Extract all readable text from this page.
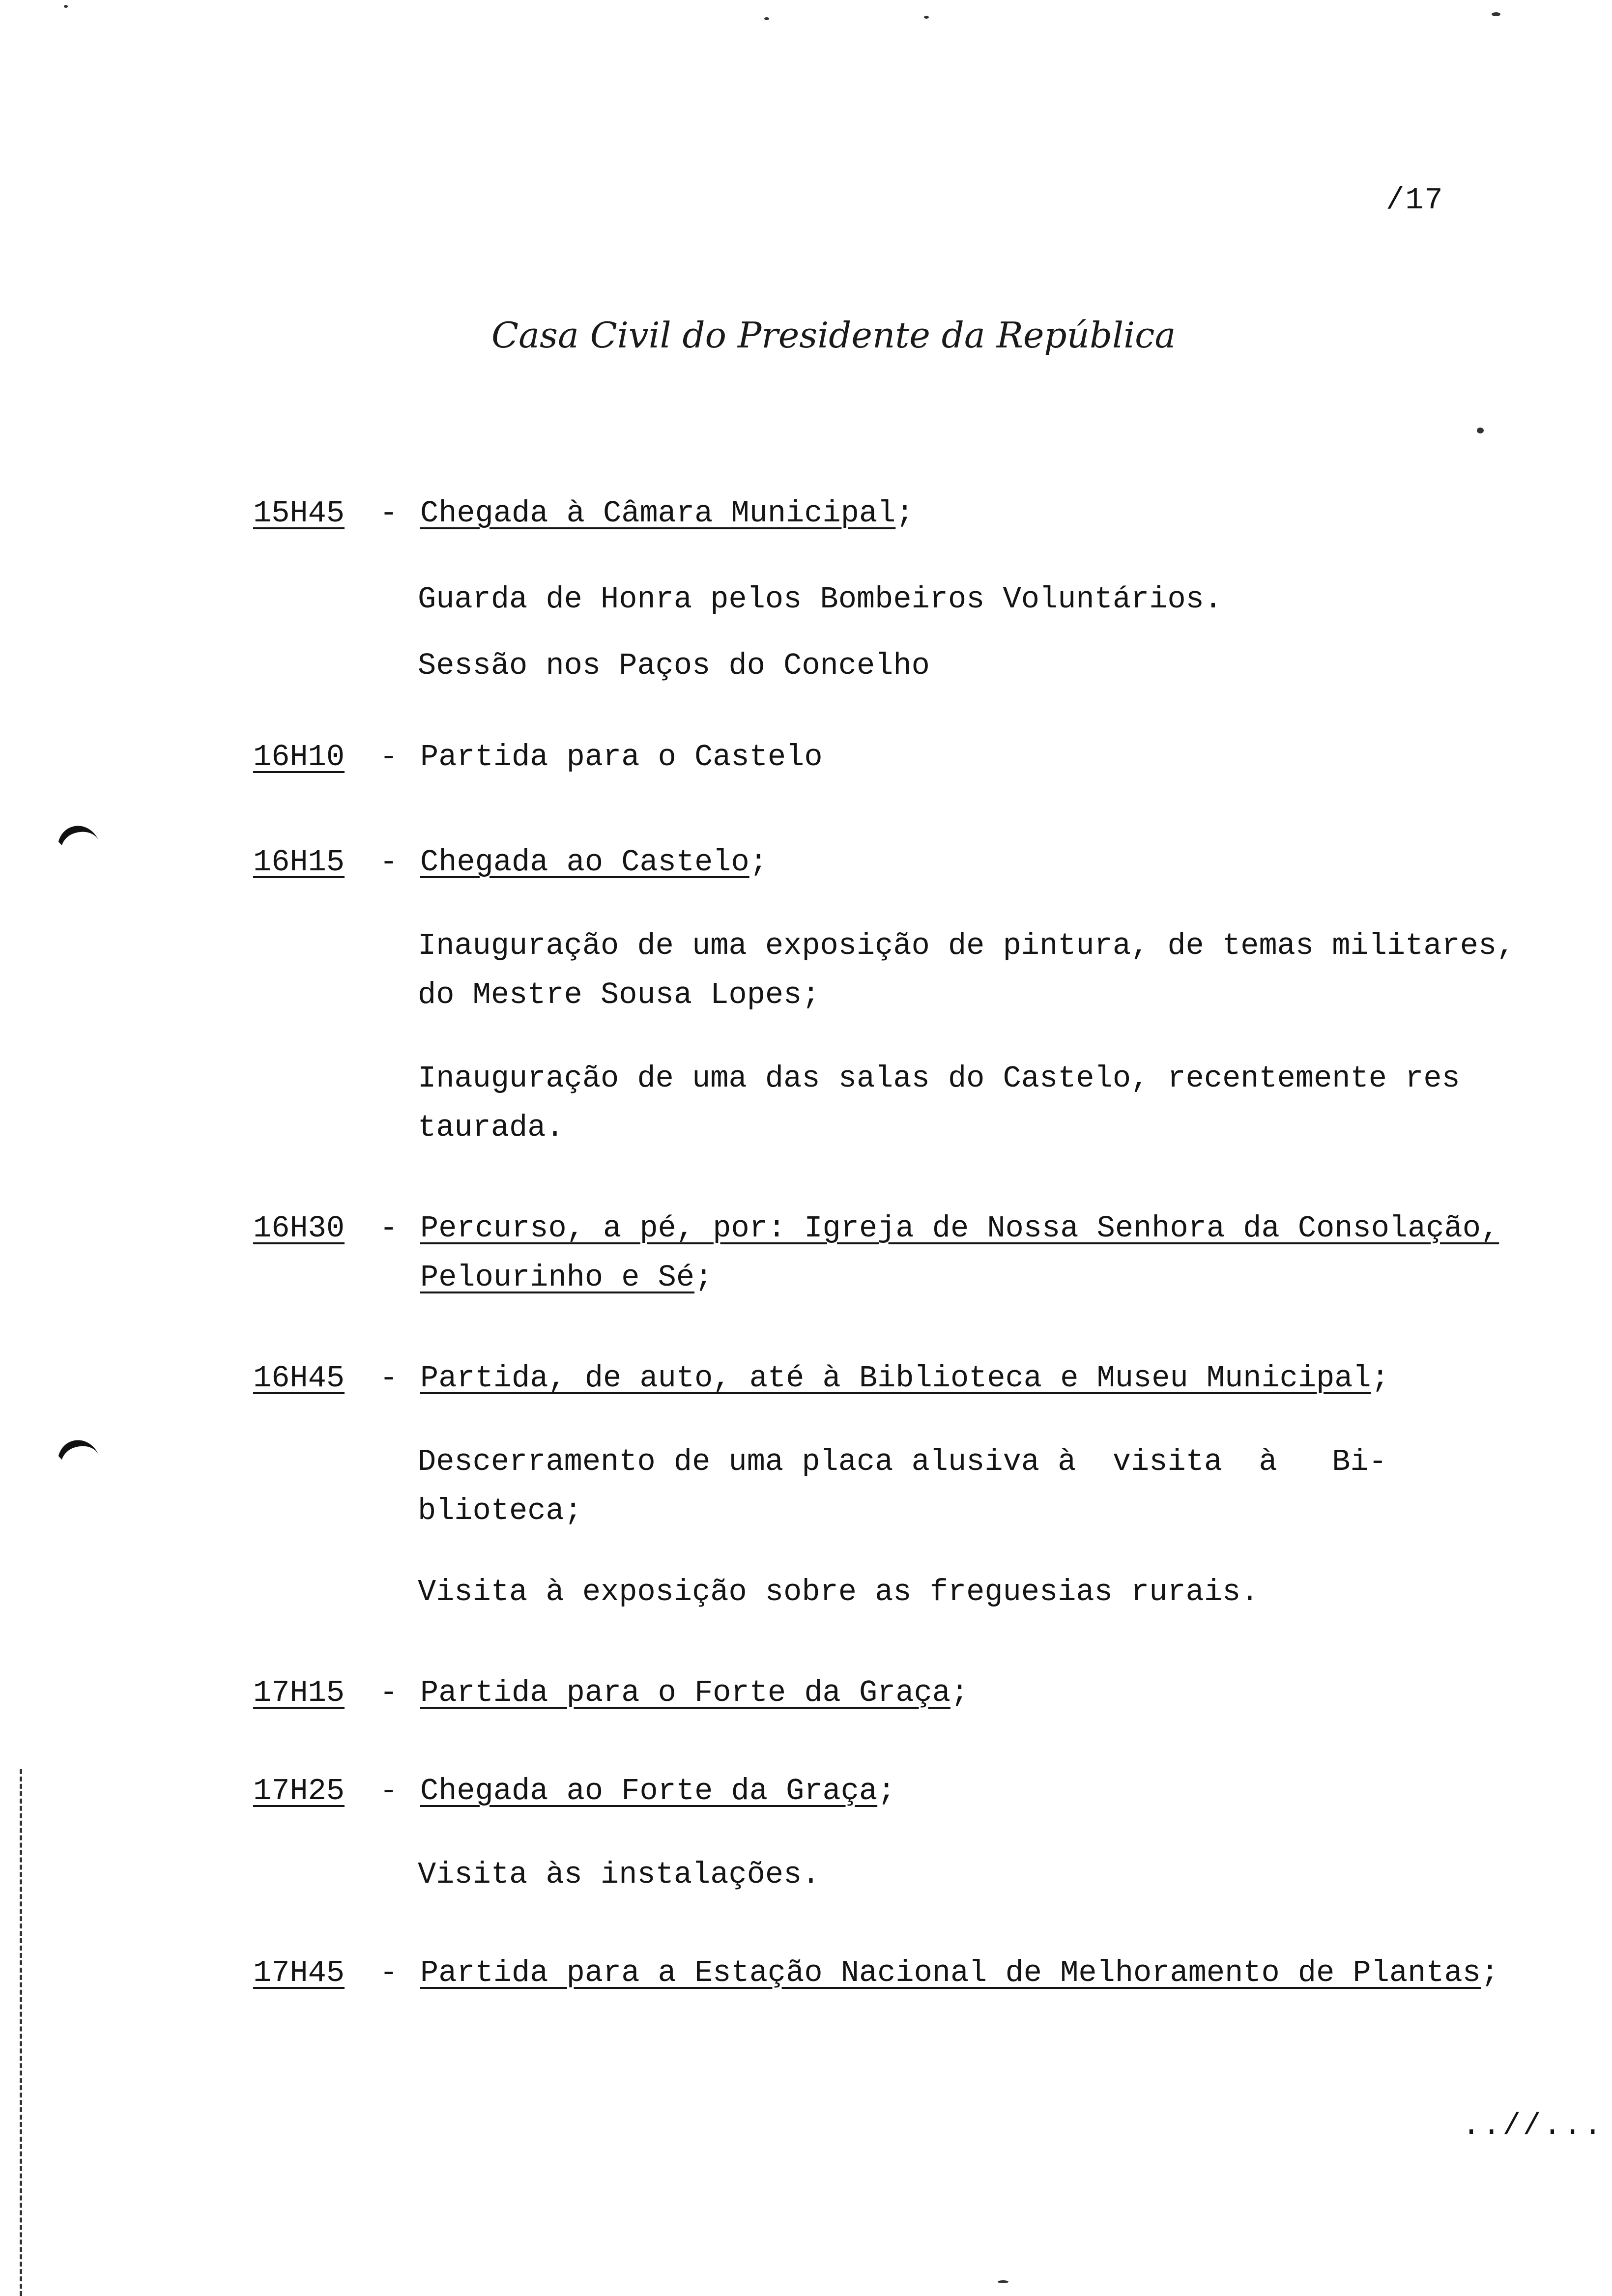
/17
Casa Civil do Presidente da República
15H45	- Chegada à Câmara Municipal ;
Guarda de Honra pelos Bombeiros Voluntários.
Sessão nos Paços do Concelho
16H10	- Partida para o Castelo
16H15	- Chegada ao Castelo ;
Inauguração de uma exposição de pintura, de temas militares,
do Mestre Sousa Lopes;
Inauguração de uma das salas do Castelo, recentemente res
taurada.
16H30	- Percurso, a pé, por: Igreja de Nossa Senhora da Consolação,
Pelourinho e Sé;
16H45	- Partida, de auto, até à Biblioteca e Museu Municipal ;
Descerramento de uma placa alusiva à  visita  à   Bi-
blioteca;
Visita à exposição sobre as freguesias rurais.
17H15	- Partida para o Forte da Graça ;
17H25	- Chegada ao Forte da Graça ;
Visita às instalações.
17H45	- Partida para a Estação Nacional de Melhoramento de Plantas ;
..//...
